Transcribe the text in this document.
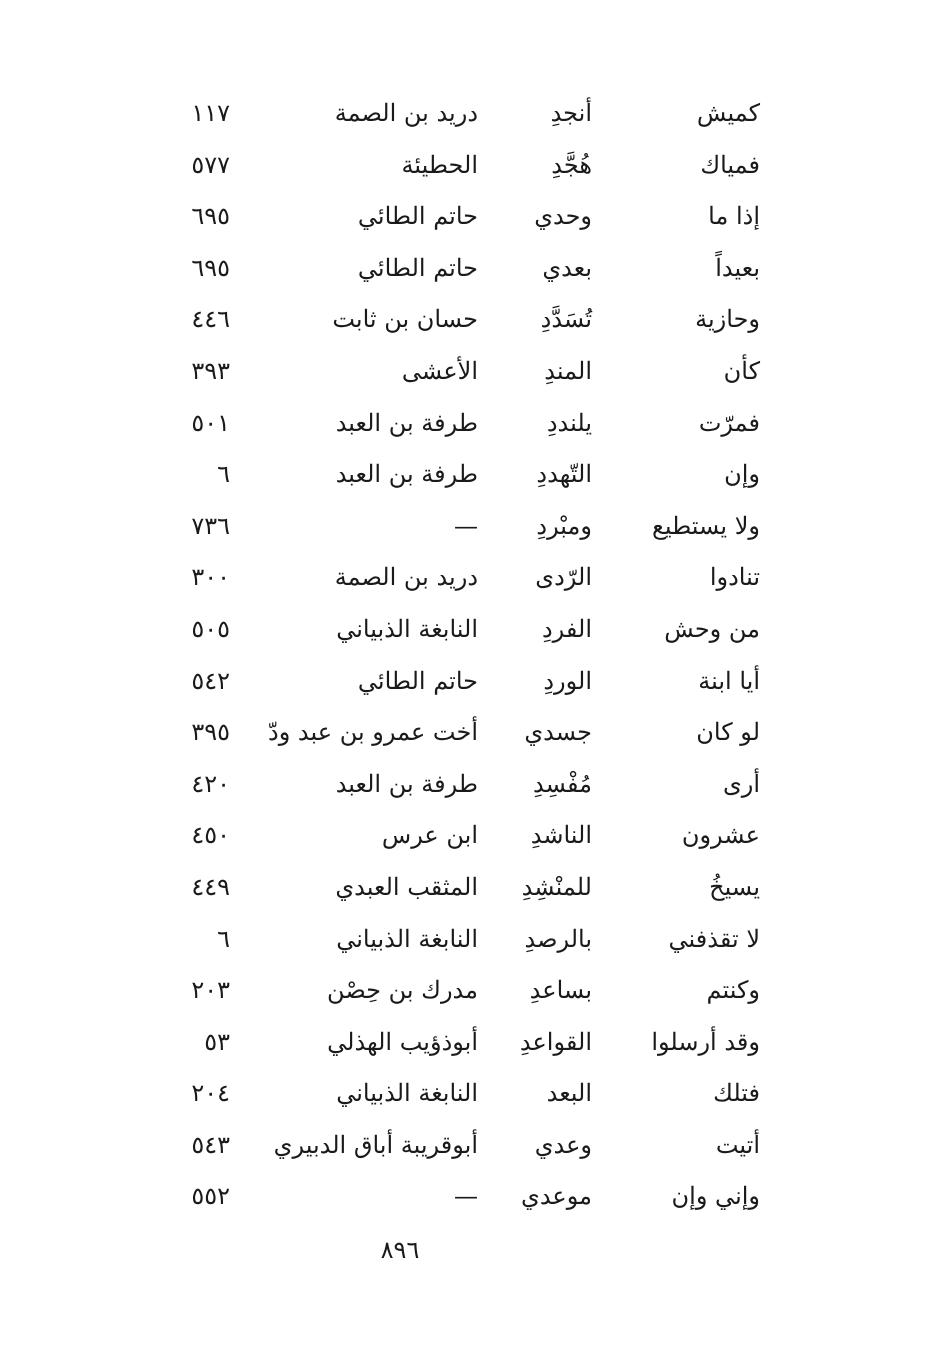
كميش
أنجدِ
دريد بن الصمة
١١٧
فمياك
هُجَّدِ
الحطيئة
٥٧٧
إذا ما
وحدي
حاتم الطائي
٦٩٥
بعيداً
بعدي
حاتم الطائي
٦٩٥
وحازية
تُسَدَّدِ
حسان بن ثابت
٤٤٦
كأن
المندِ
الأعشى
٣٩٣
فمرّت
يلنددِ
طرفة بن العبد
٥٠١
وإن
التّهددِ
طرفة بن العبد
٦
ولا يستطيع
ومبْردِ
—
٧٣٦
تنادوا
الرّدى
دريد بن الصمة
٣٠٠
من وحش
الفردِ
النابغة الذبياني
٥٠٥
أيا ابنة
الوردِ
حاتم الطائي
٥٤٢
لو كان
جسدي
أخت عمرو بن عبد ودّ
٣٩٥
أرى
مُفْسِدِ
طرفة بن العبد
٤٢٠
عشرون
الناشدِ
ابن عرس
٤٥٠
يسيخُ
للمنْشِدِ
المثقب العبدي
٤٤٩
لا تقذفني
بالرصدِ
النابغة الذبياني
٦
وكنتم
بساعدِ
مدرك بن حِصْن
٢٠٣
وقد أرسلوا
القواعدِ
أبوذؤيب الهذلي
٥٣
فتلك
البعد
النابغة الذبياني
٢٠٤
أتيت
وعدي
أبوقريبة أباق الدبيري
٥٤٣
وإني وإن
موعدي
—
٥٥٢
٨٩٦
